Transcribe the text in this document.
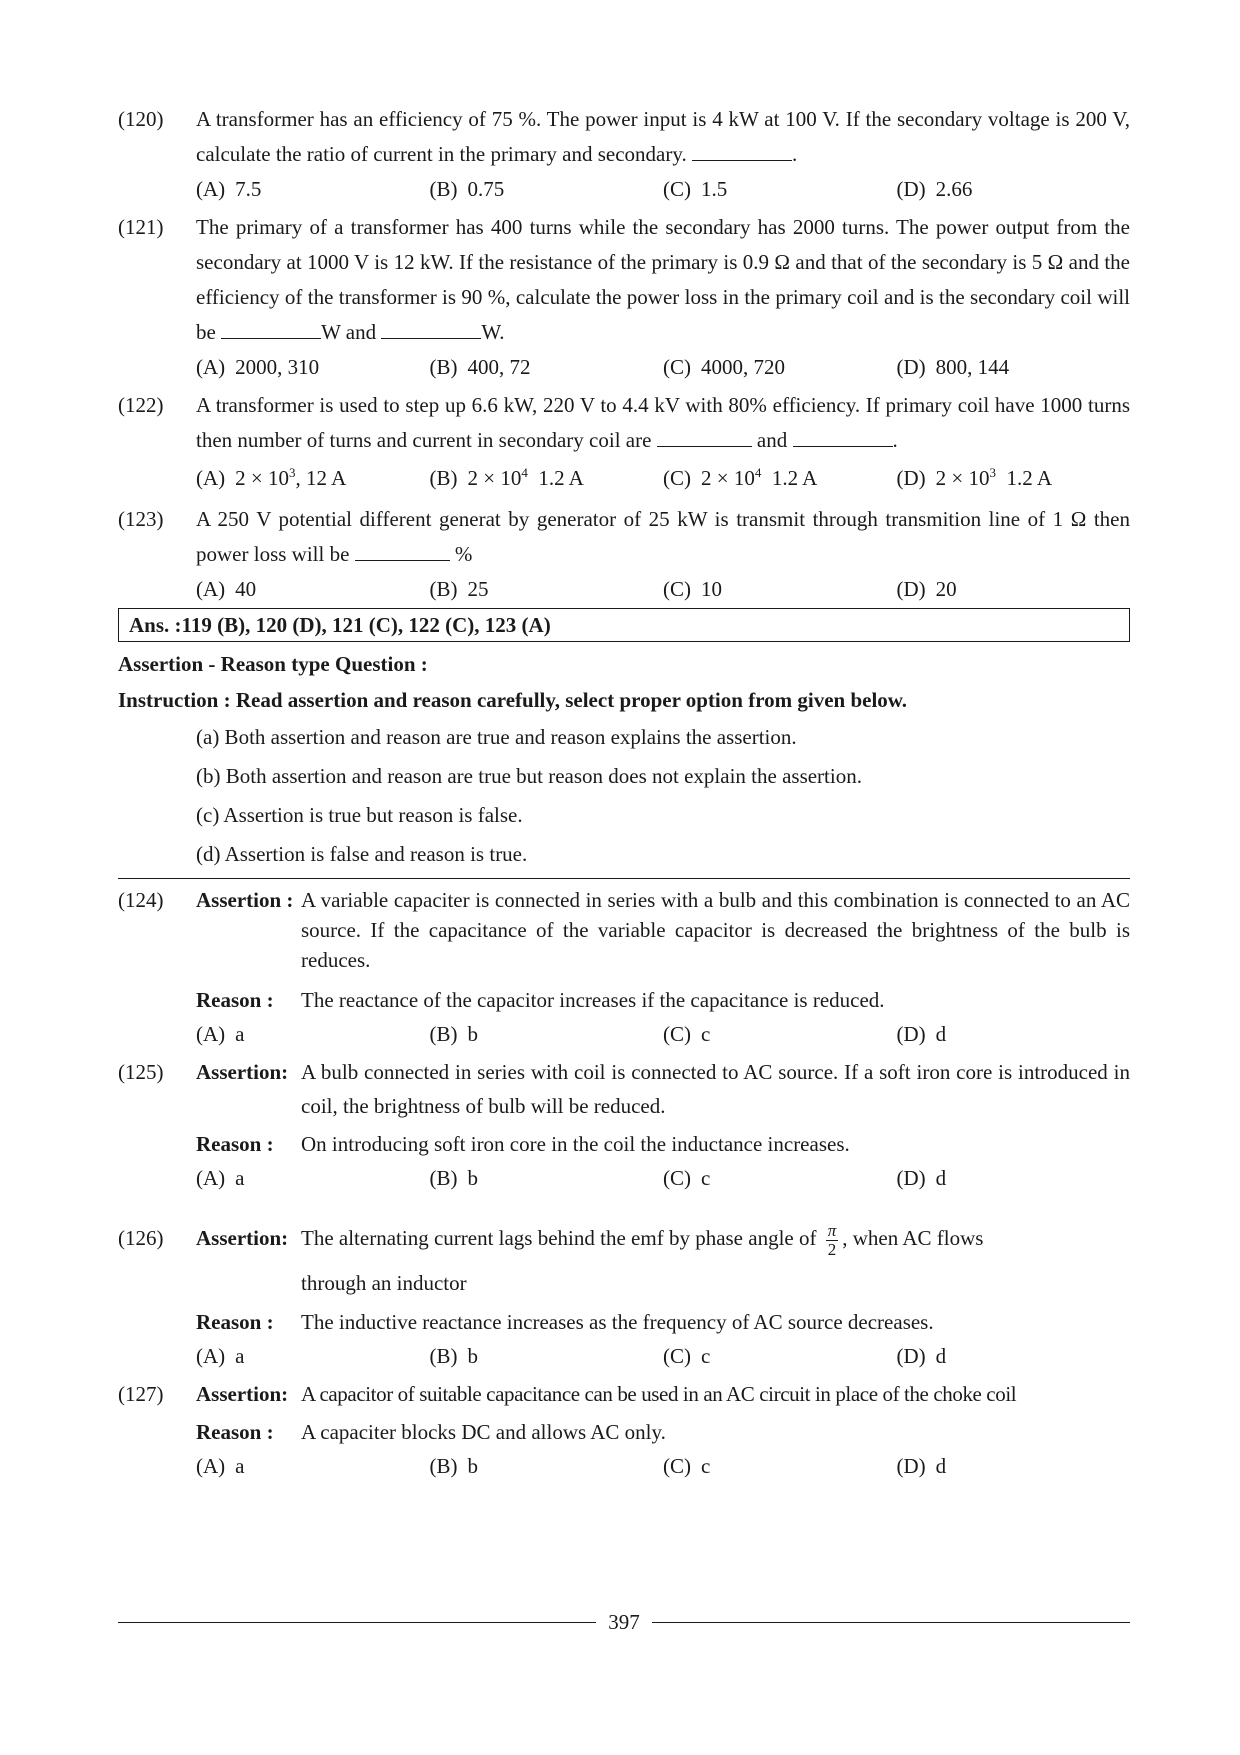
(120) A transformer has an efficiency of 75 %. The power input is 4 kW at 100 V. If the secondary voltage is 200 V, calculate the ratio of current in the primary and secondary.	.
(A) 7.5	(B) 0.75	(C) 1.5	(D) 2.66
(121) The primary of a transformer has 400 turns while the secondary has 2000 turns. The power output from the secondary at 1000 V is 12 kW. If the resistance of the primary is 0.9 Ω and that of the secondary is 5 Ω and the efficiency of the transformer is 90 %, calculate the power loss in the primary coil and is the secondary coil will be	W and	W.
(A) 2000, 310	(B) 400, 72	(C) 4000, 720	(D) 800, 144
(122) A transformer is used to step up 6.6 kW, 220 V to 4.4 kV with 80% efficiency. If primary coil have 1000 turns then number of turns and current in secondary coil are	and	.
(A) $2 \times 10^3$, 12 A	(B) $2 \times 10^4$  1.2 A	(C) $2 \times 10^4$  1.2 A	(D) $2 \times 10^3$  1.2 A
(123) A 250 V potential different generat by generator of 25 kW is transmit through transmition line of 1 Ω then power loss will be	%
(A) 40	(B) 25	(C) 10	(D) 20
Ans. :119 (B), 120 (D), 121 (C), 122 (C), 123 (A)
Assertion - Reason type Question :
Instruction : Read assertion and reason carefully, select proper option from given below.
(a) Both assertion and reason are true and reason explains the assertion.
(b) Both assertion and reason are true but reason does not explain the assertion.
(c) Assertion is true but reason is false.
(d) Assertion is false and reason is true.
(124) Assertion : A variable capaciter is connected in series with a bulb and this combination is connected to an AC source. If the capacitance of the variable capacitor is decreased the brightness of the bulb is reduces.
Reason :	The reactance of the capacitor increases if the capacitance is reduced.
(A) a	(B) b	(C) c	(D) d
(125) Assertion: A bulb connected in series with coil is connected to AC source. If a soft iron core is introduced in coil, the brightness of bulb will be reduced.
Reason :	On introducing soft iron core in the coil the inductance increases.
(A) a	(B) b	(C) c	(D) d
(126) Assertion: The alternating current lags behind the emf by phase angle of $\frac{\pi}{2}$ , when AC flows
through an inductor
Reason :	The inductive reactance increases as the frequency of AC source decreases.
(A) a	(B) b	(C) c	(D) d
(127) Assertion: A capacitor of suitable capacitance can be used in an AC circuit in place of the choke coil
Reason :	A capaciter blocks DC and allows AC only.
(A) a	(B) b	(C) c	(D) d
397
